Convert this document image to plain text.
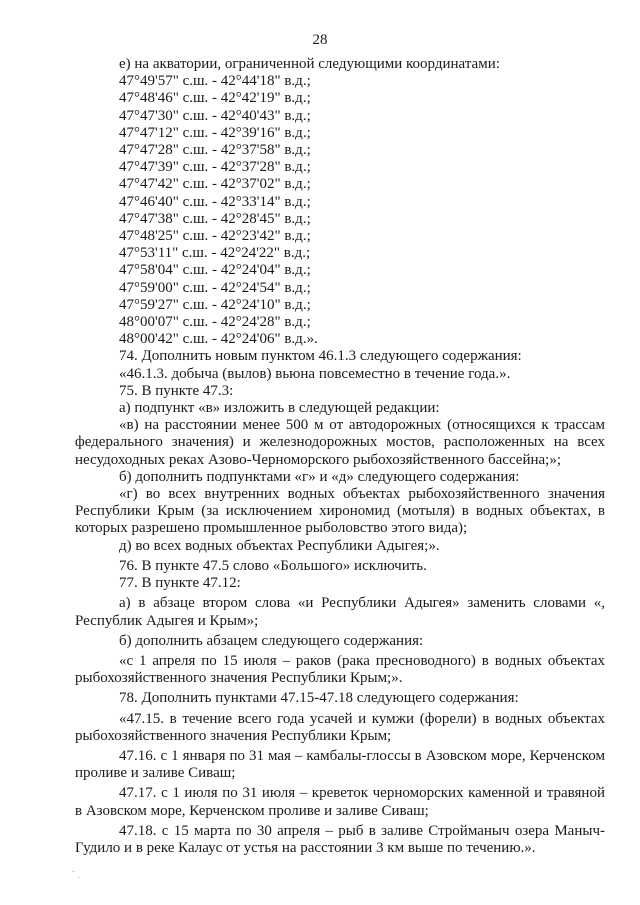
28

е) на акватории, ограниченной следующими координатами:

47°49'57" с.ш. - 42°44'18" в.д.;
47°48'46" с.ш. - 42°42'19" в.д.;
47°47'30" с.ш. - 42°40'43" в.д.;
47°47'12" с.ш. - 42°39'16" в.д.;
47°47'28" с.ш. - 42°37'58" в.д.;
47°47'39" с.ш. - 42°37'28" в.д.;
47°47'42" с.ш. - 42°37'02" в.д.;
47°46'40" с.ш. - 42°33'14" в.д.;
47°47'38" с.ш. - 42°28'45" в.д.;
47°48'25" с.ш. - 42°23'42" в.д.;
47°53'11" с.ш. - 42°24'22" в.д.;
47°58'04" с.ш. - 42°24'04" в.д.;
47°59'00" с.ш. - 42°24'54" в.д.;
47°59'27" с.ш. - 42°24'10" в.д.;
48°00'07" с.ш. - 42°24'28" в.д.;
48°00'42" с.ш. - 42°24'06" в.д.».

74. Дополнить новым пунктом 46.1.3 следующего содержания:

«46.1.3. добыча (вылов) вьюна повсеместно в течение года.».

75. В пункте 47.3:

а) подпункт «в» изложить в следующей редакции:

«в) на расстоянии менее 500 м от автодорожных (относящихся к трассам федерального значения) и железнодорожных мостов, расположенных на всех несудоходных реках Азово-Черноморского рыбохозяйственного бассейна;»;

б) дополнить подпунктами «г» и «д» следующего содержания:

«г) во всех внутренних водных объектах рыбохозяйственного значения Республики Крым (за исключением хирономид (мотыля) в водных объектах, в которых разрешено промышленное рыболовство этого вида);

д) во всех водных объектах Республики Адыгея;».

76. В пункте 47.5 слово «Большого» исключить.

77. В пункте 47.12:

а) в абзаце втором слова «и Республики Адыгея» заменить словами «, Республик Адыгея и Крым»;

б) дополнить абзацем следующего содержания:

«с 1 апреля по 15 июля – раков (рака пресноводного) в водных объектах рыбохозяйственного значения Республики Крым;».

78. Дополнить пунктами 47.15-47.18 следующего содержания:

«47.15. в течение всего года усачей и кумжи (форели) в водных объектах рыбохозяйственного значения Республики Крым;

47.16. с 1 января по 31 мая – камбалы-глоссы в Азовском море, Керченском проливе и заливе Сиваш;

47.17. с 1 июля по 31 июля – креветок черноморских каменной и травяной в Азовском море, Керченском проливе и заливе Сиваш;

47.18. с 15 марта по 30 апреля – рыб в заливе Стройманыч озера Маныч-Гудило и в реке Калаус от устья на расстоянии 3 км выше по течению.».

˘ .
